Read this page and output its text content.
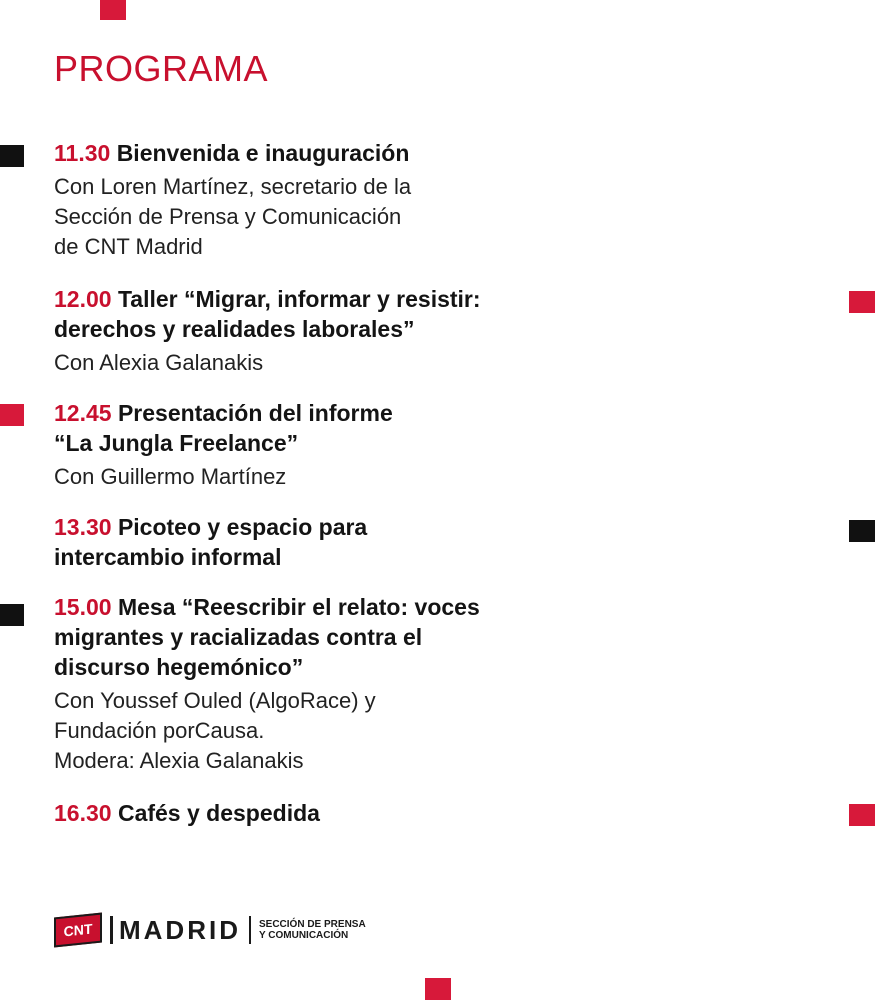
PROGRAMA
11.30 Bienvenida e inauguración
Con Loren Martínez, secretario de la
Sección de Prensa y Comunicación
de CNT Madrid
12.00 Taller “Migrar, informar y resistir:
derechos y realidades laborales”
Con Alexia Galanakis
12.45 Presentación del informe
“La Jungla Freelance”
Con Guillermo Martínez
13.30 Picoteo y espacio para
intercambio informal
15.00 Mesa “Reescribir el relato: voces
migrantes y racializadas contra el
discurso hegemónico”
Con Youssef Ouled (AlgoRace) y
Fundación porCausa.
Modera: Alexia Galanakis
16.30 Cafés y despedida
CNT	MADRID SECCIÓN DE PRENSA
Y COMUNICACIÓN
